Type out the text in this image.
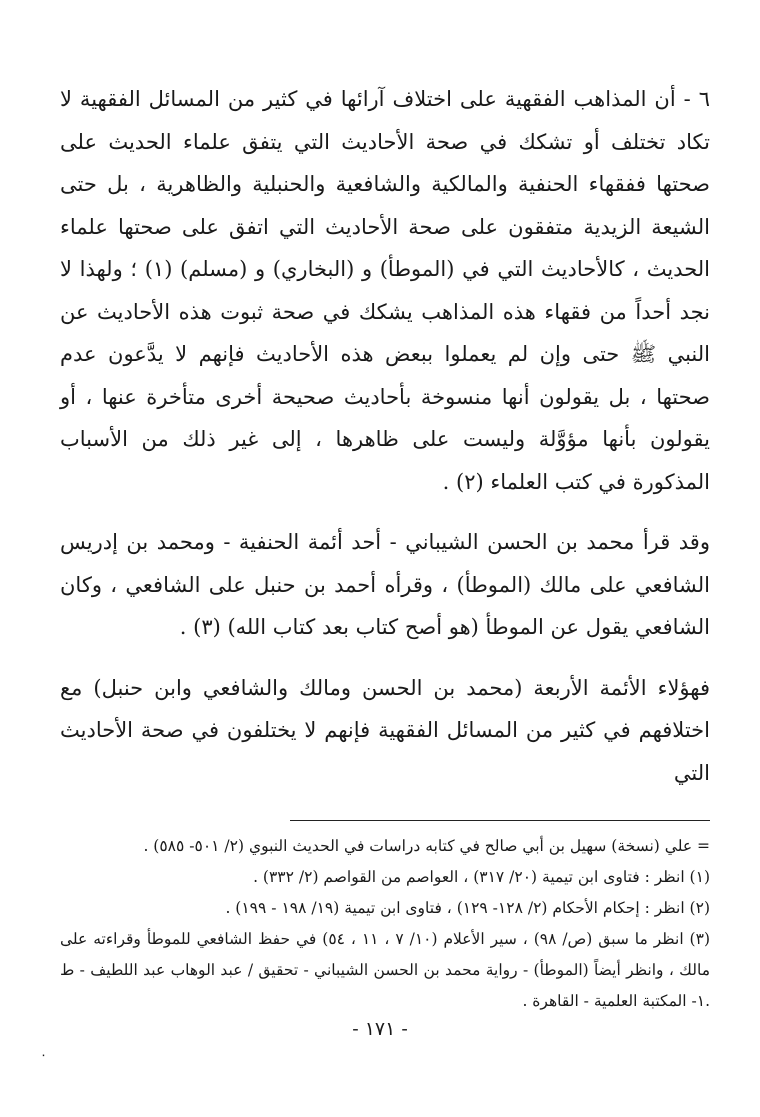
٦ - أن المذاهب الفقهية على اختلاف آرائها في كثير من المسائل الفقهية لا تكاد تختلف أو تشكك في صحة الأحاديث التي يتفق علماء الحديث على صحتها ففقهاء الحنفية والمالكية والشافعية والحنبلية والظاهرية ، بل حتى الشيعة الزيدية متفقون على صحة الأحاديث التي اتفق على صحتها علماء الحديث ، كالأحاديث التي في (الموطأ) و (البخاري) و (مسلم) (١) ؛ ولهذا لا نجد أحداً من فقهاء هذه المذاهب يشكك في صحة ثبوت هذه الأحاديث عن النبي ﷺ حتى وإن لم يعملوا ببعض هذه الأحاديث فإنهم لا يدَّعون عدم صحتها ، بل يقولون أنها منسوخة بأحاديث صحيحة أخرى متأخرة عنها ، أو يقولون بأنها مؤوَّلة وليست على ظاهرها ، إلى غير ذلك من الأسباب المذكورة في كتب العلماء (٢) .

وقد قرأ محمد بن الحسن الشيباني - أحد أئمة الحنفية - ومحمد بن إدريس الشافعي على مالك (الموطأ) ، وقرأه أحمد بن حنبل على الشافعي ، وكان الشافعي يقول عن الموطأ (هو أصح كتاب بعد كتاب الله) (٣) .

فهؤلاء الأئمة الأربعة (محمد بن الحسن ومالك والشافعي وابن حنبل) مع اختلافهم في كثير من المسائل الفقهية فإنهم لا يختلفون في صحة الأحاديث التي

= علي (نسخة) سهيل بن أبي صالح في كتابه دراسات في الحديث النبوي (٢/ ٥٠١- ٥٨٥) .

(١) انظر : فتاوى ابن تيمية (٢٠/ ٣١٧) ، العواصم من القواصم (٢/ ٣٣٢) .

(٢) انظر : إحكام الأحكام (٢/ ١٢٨- ١٢٩) ، فتاوى ابن تيمية (١٩/ ١٩٨ - ١٩٩) .

(٣) انظر ما سبق (ص/ ٩٨) ، سير الأعلام (١٠/ ٧ ، ١١ ، ٥٤) في حفظ الشافعي للموطأ وقراءته على مالك ، وانظر أيضاً (الموطأ) - رواية محمد بن الحسن الشيباني - تحقيق / عبد الوهاب عبد اللطيف - ط .١- المكتبة العلمية - القاهرة .

- ١٧١ -
٠
